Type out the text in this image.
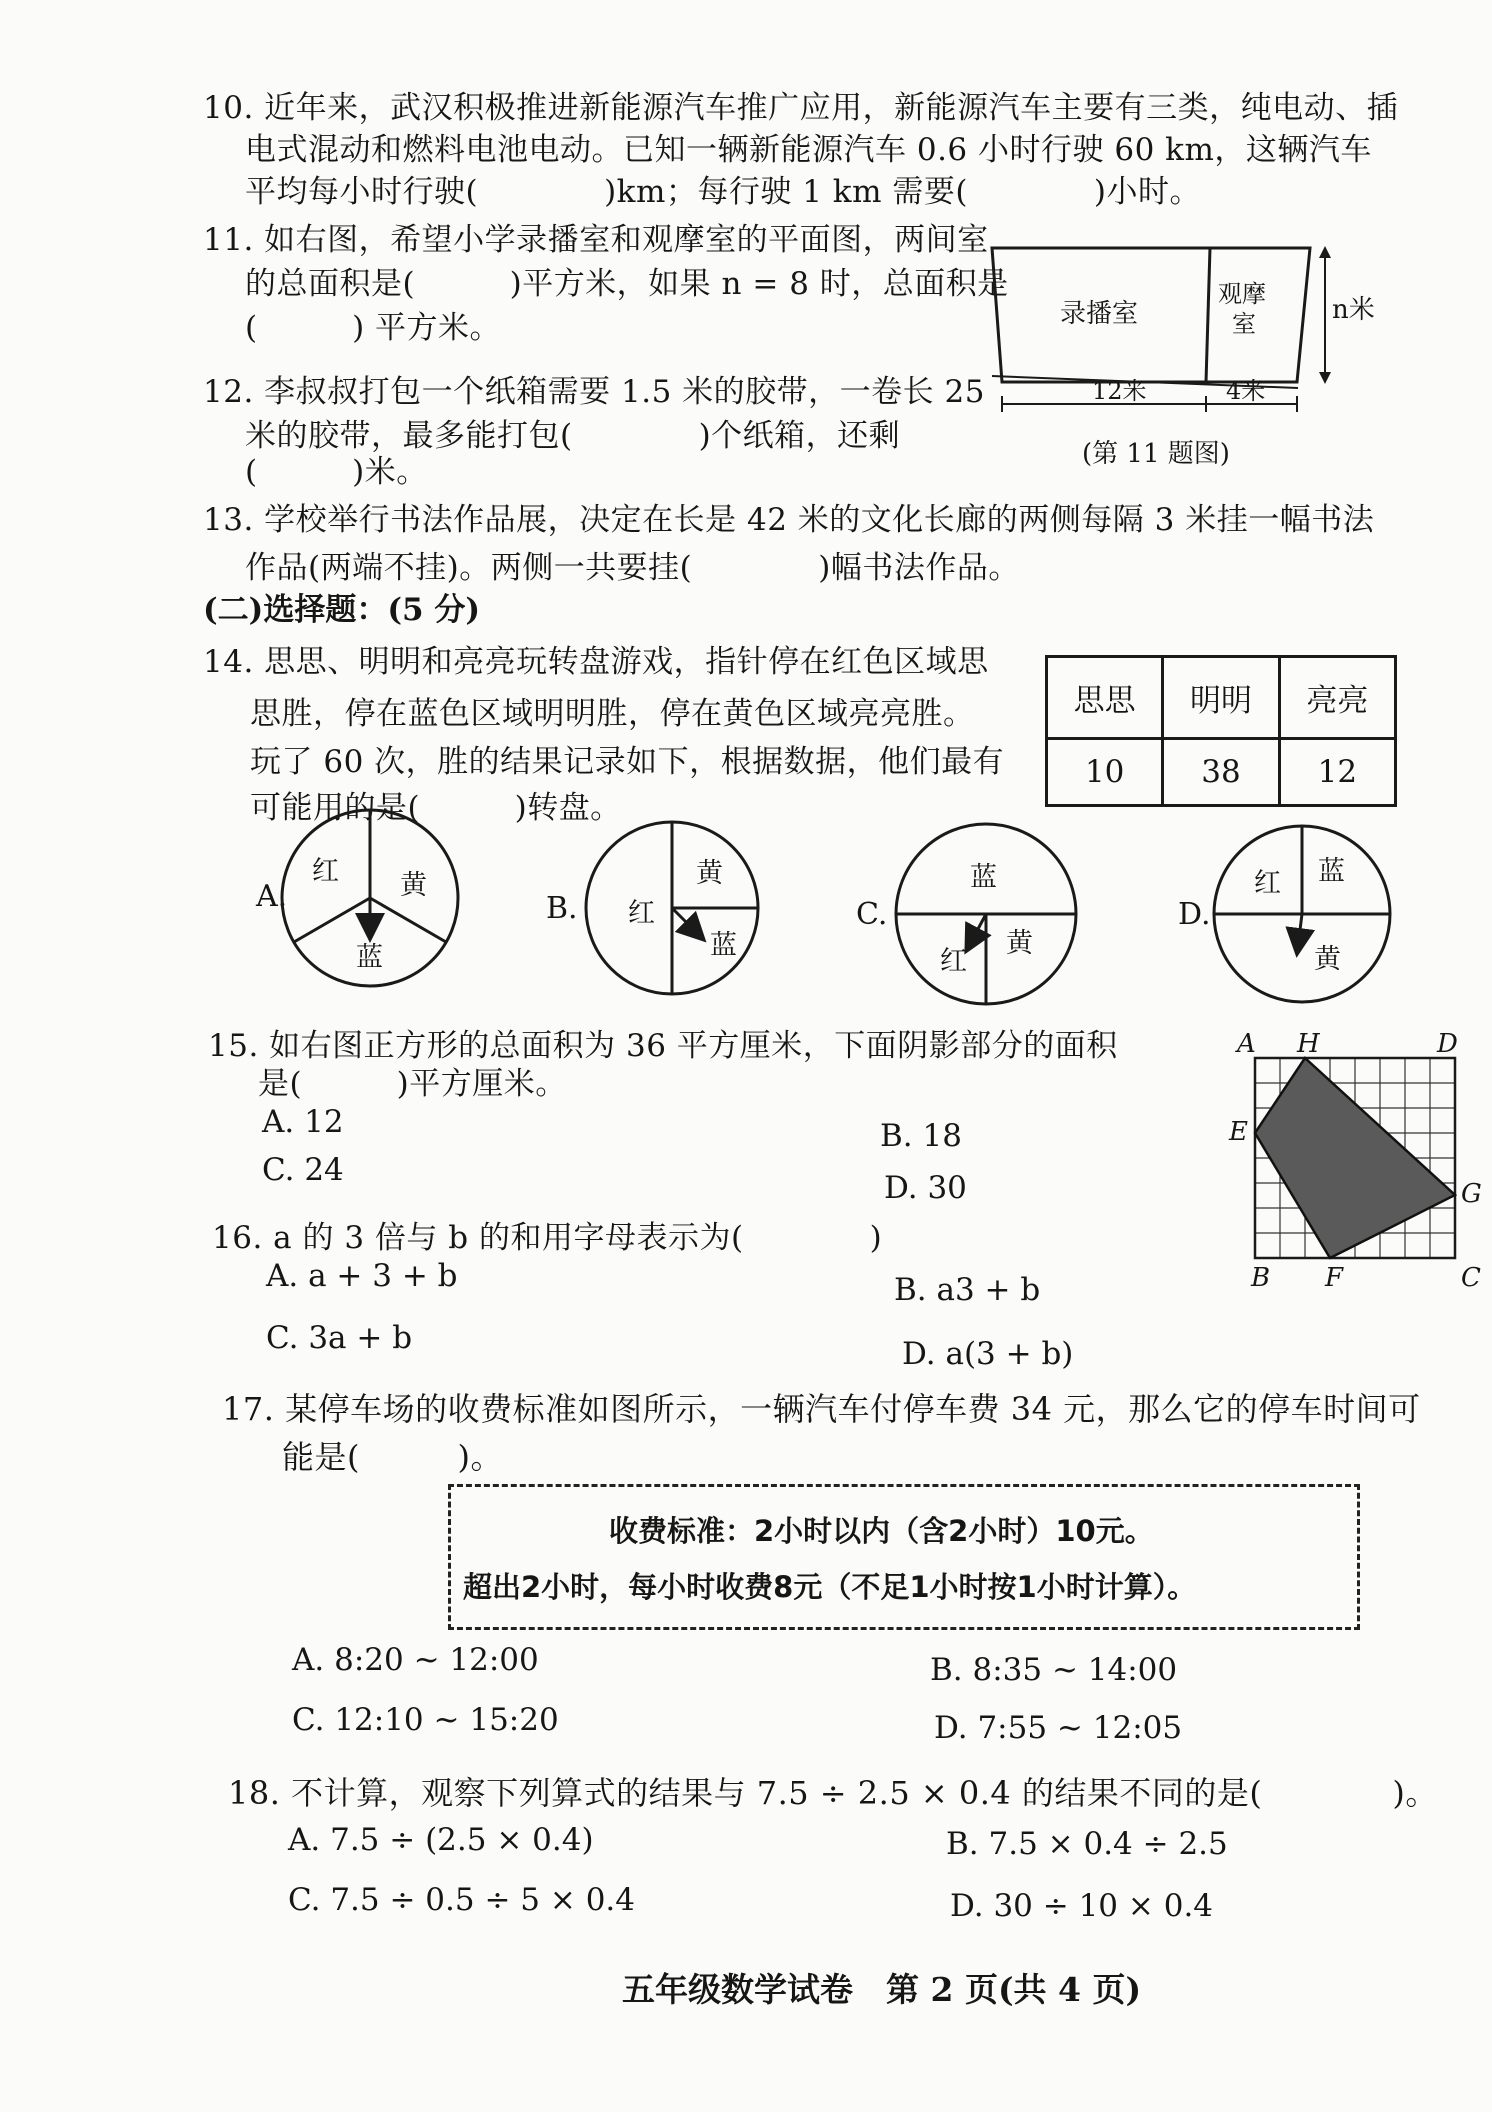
10. 近年来，武汉积极推进新能源汽车推广应用，新能源汽车主要有三类，纯电动、插
电式混动和燃料电池电动。已知一辆新能源汽车 0.6 小时行驶 60 km，这辆汽车
平均每小时行驶(　　　　)km；每行驶 1 km 需要(　　　　)小时。
11. 如右图，希望小学录播室和观摩室的平面图，两间室
的总面积是(　　　)平方米，如果 n = 8 时，总面积是
(　　　) 平方米。	录播室
观摩
室	n米
12米	4米
(第 11 题图)
12. 李叔叔打包一个纸箱需要 1.5 米的胶带，一卷长 25
米的胶带，最多能打包(　　　　)个纸箱，还剩
(　　　)米。
13. 学校举行书法作品展，决定在长是 42 米的文化长廊的两侧每隔 3 米挂一幅书法
作品(两端不挂)。两侧一共要挂(　　　　)幅书法作品。
(二)选择题：(5 分)
14. 思思、明明和亮亮玩转盘游戏，指针停在红色区域思
思胜，停在蓝色区域明明胜，停在黄色区域亮亮胜。
玩了 60 次，胜的结果记录如下，根据数据，他们最有
可能用的是(　　　)转盘。
思思	明明	亮亮
10	38	12
A.
红 黄
蓝
B. 红
黄
蓝
C.
蓝
红
黄
D.
红 蓝
黄
15. 如右图正方形的总面积为 36 平方厘米，下面阴影部分的面积
是(　　　)平方厘米。
A. 12	B. 18
C. 24	D. 30
A H	D
E
G
B F	C
16. a 的 3 倍与 b 的和用字母表示为(　　　　)
A. a + 3 + b	B. a3 + b
C. 3a + b	D. a(3 + b)
17. 某停车场的收费标准如图所示，一辆汽车付停车费 34 元，那么它的停车时间可
能是(　　　)。
收费标准：2小时以内（含2小时）10元。
超出2小时，每小时收费8元（不足1小时按1小时计算）。
A. 8:20 ~ 12:00	B. 8:35 ~ 14:00
C. 12:10 ~ 15:20	D. 7:55 ~ 12:05
18. 不计算，观察下列算式的结果与 7.5 ÷ 2.5 × 0.4 的结果不同的是(　　　　)。
A. 7.5 ÷ (2.5 × 0.4)	B. 7.5 × 0.4 ÷ 2.5
C. 7.5 ÷ 0.5 ÷ 5 × 0.4	D. 30 ÷ 10 × 0.4
五年级数学试卷　第 2 页(共 4 页)
